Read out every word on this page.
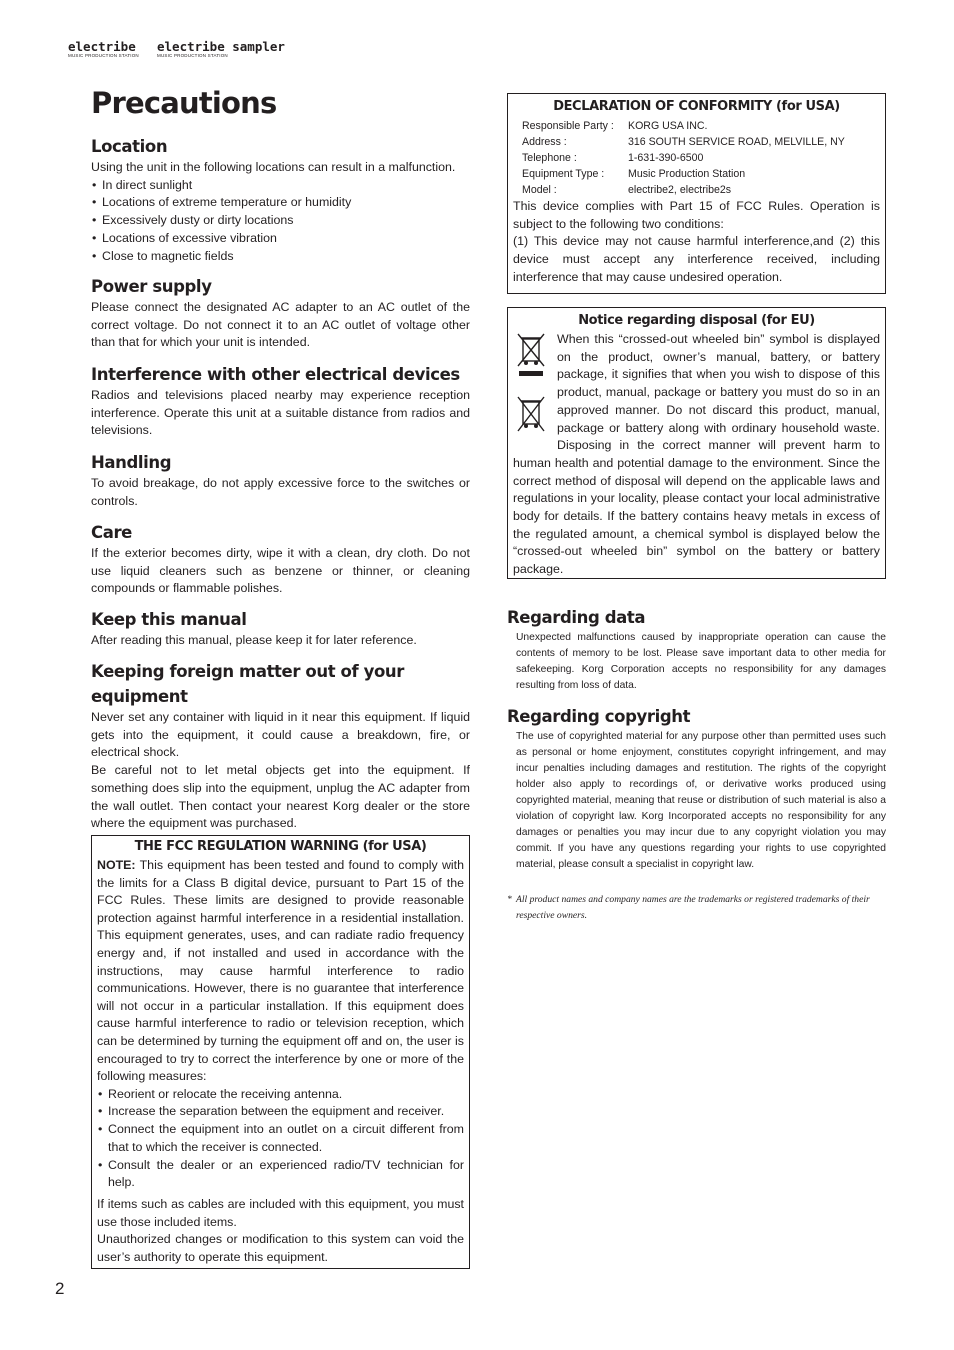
electribe
MUSIC PRODUCTION STATION
electribe sampler
MUSIC PRODUCTION STATION
Precautions
Location

Using the unit in the following locations can result in a malfunction.

• In direct sunlight
• Locations of extreme temperature or humidity
• Excessively dusty or dirty locations
• Locations of excessive vibration
• Close to magnetic fields
Power supply

Please connect the designated AC adapter to an AC outlet of the correct voltage. Do not connect it to an AC outlet of voltage other than that for which your unit is intended.

Interference with other electrical devices

Radios and televisions placed nearby may experience reception interference. Operate this unit at a suitable distance from radios and televisions.

Handling

To avoid breakage, do not apply excessive force to the switches or controls.

Care

If the exterior becomes dirty, wipe it with a clean, dry cloth. Do not use liquid cleaners such as benzene or thinner, or cleaning compounds or flammable polishes.

Keep this manual

After reading this manual, please keep it for later reference.

Keeping foreign matter out of your equipment

Never set any container with liquid in it near this equipment. If liquid gets into the equipment, it could cause a breakdown, fire, or electrical shock.

Be careful not to let metal objects get into the equipment. If something does slip into the equipment, unplug the AC adapter from the wall outlet. Then contact your nearest Korg dealer or the store where the equipment was purchased.

THE FCC REGULATION WARNING (for USA)

NOTE: This equipment has been tested and found to comply with the limits for a Class B digital device, pursuant to Part 15 of the FCC Rules. These limits are designed to provide reasonable protection against harmful interference in a residential installation. This equipment generates, uses, and can radiate radio frequency energy and, if not installed and used in accordance with the instructions, may cause harmful interference to radio communications. However, there is no guarantee that interference will not occur in a particular installation. If this equipment does cause harmful interference to radio or television reception, which can be determined by turning the equipment off and on, the user is encouraged to try to correct the interference by one or more of the following measures:

• Reorient or relocate the receiving antenna.
• Increase the separation between the equipment and receiver.
• Connect the equipment into an outlet on a circuit different from that to which the receiver is connected.
• Consult the dealer or an experienced radio/TV technician for help.

If items such as cables are included with this equipment, you must use those included items.

Unauthorized changes or modification to this system can void the user’s authority to operate this equipment.

DECLARATION OF CONFORMITY (for USA)
Responsible Party :	KORG USA INC.
Address :	316 SOUTH SERVICE ROAD, MELVILLE, NY
Telephone :	1-631-390-6500
Equipment Type :	Music Production Station
Model :	electribe2, electribe2s

This device complies with Part 15 of FCC Rules. Operation is subject to the following two conditions:

(1) This device may not cause harmful interference,and (2) this device must accept any interference received, including interference that may cause undesired operation.

Notice regarding disposal (for EU)

When this “crossed-out wheeled bin” symbol is displayed on the product, owner’s manual, battery, or battery package, it signifies that when you wish to dispose of this product, manual, package or battery you must do so in an approved manner. Do not discard this product, manual, package or battery along with ordinary household waste. Disposing in the correct manner will prevent harm to human health and potential damage to the environment. Since the correct method of disposal will depend on the applicable laws and regulations in your locality, please contact your local administrative body for details. If the battery contains heavy metals in excess of the regulated amount, a chemical symbol is displayed below the “crossed-out wheeled bin” symbol on the battery or battery package.

Regarding data

Unexpected malfunctions caused by inappropriate operation can cause the contents of memory to be lost. Please save important data to other media for safekeeping. Korg Corporation accepts no responsibility for any damages resulting from loss of data.

Regarding copyright

The use of copyrighted material for any purpose other than permitted uses such as personal or home enjoyment, constitutes copyright infringement, and may incur penalties including damages and restitution. The rights of the copyright holder also apply to recordings of, or derivative works produced using copyrighted material, meaning that reuse or distribution of such material is also a violation of copyright law. Korg Incorporated accepts no responsibility for any damages or penalties you may incur due to any copyright violation you may commit. If you have any questions regarding your rights to use copyrighted material, please consult a specialist in copyright law.

* All product names and company names are the trademarks or registered trademarks of their respective owners.
2
